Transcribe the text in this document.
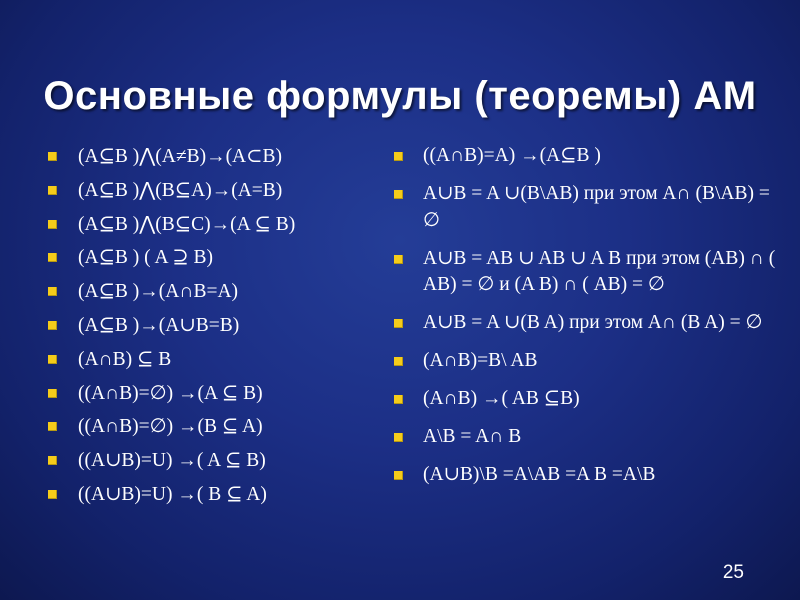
Основные формулы (теоремы) АМ
(A⊆B )⋀(A≠B)→(A⊂B)
(A⊆B )⋀(B⊆A)→(A=B)
(A⊆B )⋀(B⊆C)→(A ⊆ B)
(A⊆B ) ( A ⊇ B)
(A⊆B )→(A∩B=A)
(A⊆B )→(A∪B=B)
(A∩B) ⊆ B
((A∩B)=∅) →(A ⊆ B)
((A∩B)=∅) →(B ⊆ A)
((A∪B)=U) →( A ⊆ B)
((A∪B)=U) →( B ⊆ A)
((A∩B)=A) →(A⊆B )
A∪B = A ∪(B\AB) при этом A∩ (B\AB) = ∅
A∪B = AB ∪ AB ∪ A B при этом (AB) ∩ ( AB) = ∅ и (A B) ∩ ( AB) = ∅
A∪B = A ∪(B A) при этом A∩ (B A) = ∅
(A∩B)=B\ AB
(A∩B) →( AB ⊆B)
A\B = A∩ B
(A∪B)\B =A\AB =A B =A\B
25
